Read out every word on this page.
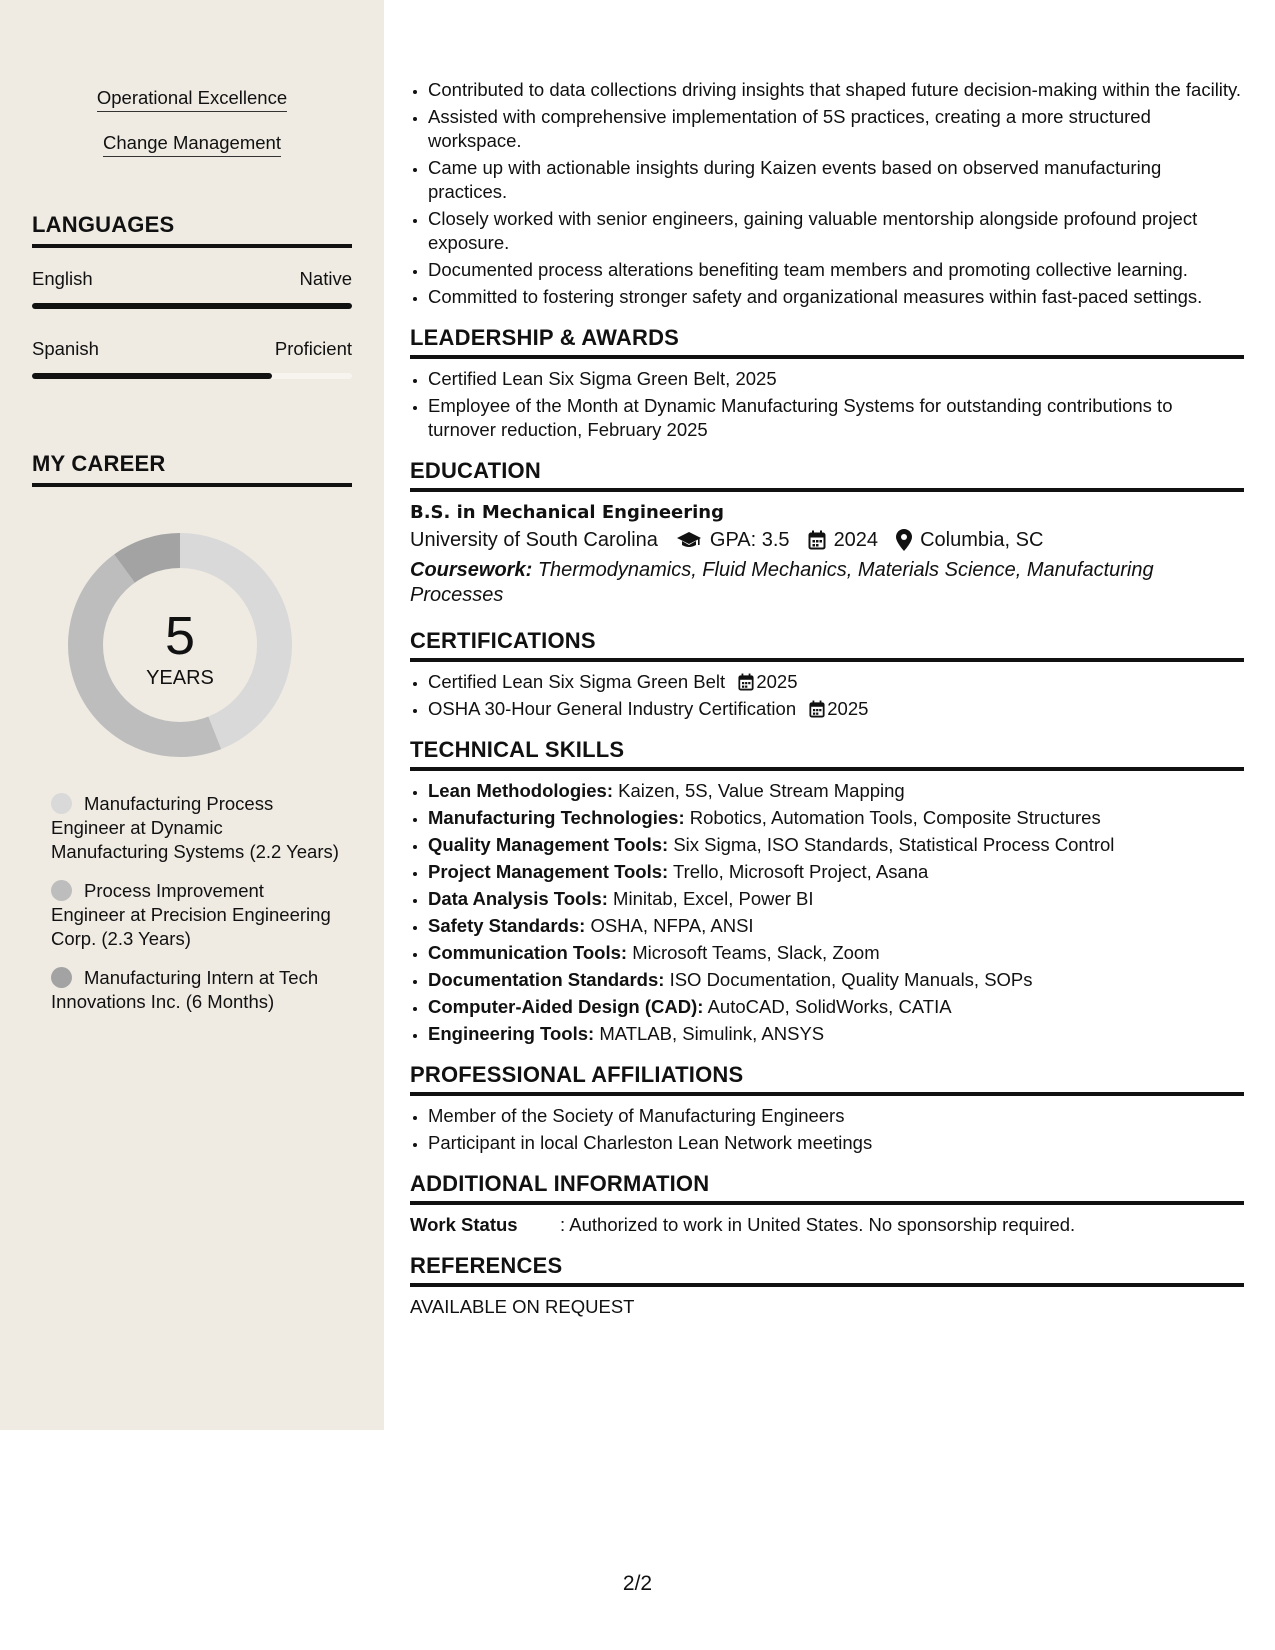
Operational Excellence
Change Management
LANGUAGES
English	Native
Spanish	Proficient
MY CAREER
5
YEARS
Manufacturing Process Engineer at Dynamic Manufacturing Systems (2.2 Years)
Process Improvement Engineer at Precision Engineering Corp. (2.3 Years)
Manufacturing Intern at Tech Innovations Inc. (6 Months)
• Contributed to data collections driving insights that shaped future decision-making within the facility.
• Assisted with comprehensive implementation of 5S practices, creating a more structured workspace.
• Came up with actionable insights during Kaizen events based on observed manufacturing practices.
• Closely worked with senior engineers, gaining valuable mentorship alongside profound project exposure.
• Documented process alterations benefiting team members and promoting collective learning.
• Committed to fostering stronger safety and organizational measures within fast-paced settings.
LEADERSHIP & AWARDS
• Certified Lean Six Sigma Green Belt, 2025
• Employee of the Month at Dynamic Manufacturing Systems for outstanding contributions to turnover reduction, February 2025
EDUCATION
B.S. in Mechanical Engineering
University of South Carolina	GPA: 3.5 2024 Columbia, SC
Coursework: Thermodynamics, Fluid Mechanics, Materials Science, Manufacturing Processes
CERTIFICATIONS
• Certified Lean Six Sigma Green Belt 2025
• OSHA 30-Hour General Industry Certification 2025
TECHNICAL SKILLS
• Lean Methodologies: Kaizen, 5S, Value Stream Mapping
• Manufacturing Technologies: Robotics, Automation Tools, Composite Structures
• Quality Management Tools: Six Sigma, ISO Standards, Statistical Process Control
• Project Management Tools: Trello, Microsoft Project, Asana
• Data Analysis Tools: Minitab, Excel, Power BI
• Safety Standards: OSHA, NFPA, ANSI
• Communication Tools: Microsoft Teams, Slack, Zoom
• Documentation Standards: ISO Documentation, Quality Manuals, SOPs
• Computer-Aided Design (CAD): AutoCAD, SolidWorks, CATIA
• Engineering Tools: MATLAB, Simulink, ANSYS
PROFESSIONAL AFFILIATIONS
• Member of the Society of Manufacturing Engineers
• Participant in local Charleston Lean Network meetings
ADDITIONAL INFORMATION
Work Status	: Authorized to work in United States. No sponsorship required.
REFERENCES
AVAILABLE ON REQUEST
2/2
